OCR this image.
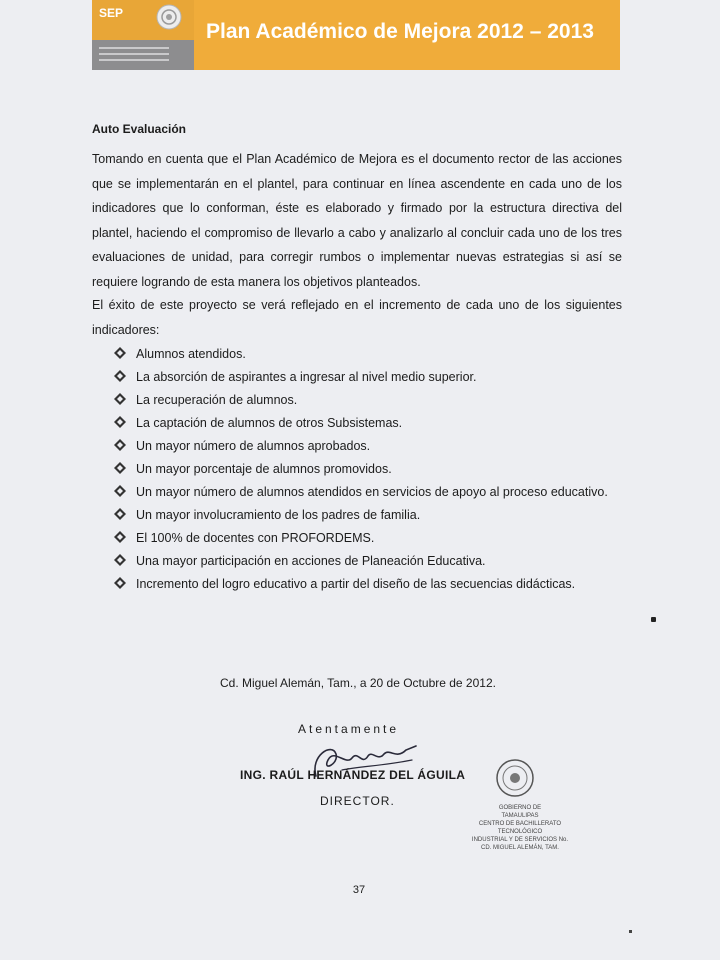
SEP
Plan Académico de Mejora 2012 – 2013
Auto Evaluación

Tomando en cuenta que el Plan Académico de Mejora es el documento rector de las acciones que se implementarán en el plantel, para continuar en línea ascendente en cada uno de los indicadores que lo conforman, éste es elaborado y firmado por la estructura directiva del plantel, haciendo el compromiso de llevarlo a cabo y analizarlo al concluir cada uno de los tres evaluaciones de unidad, para corregir rumbos o implementar nuevas estrategias si así se requiere logrando de esta manera los objetivos planteados.

El éxito de este proyecto se verá reflejado en el incremento de cada uno de los siguientes indicadores:

Alumnos atendidos.
La absorción de aspirantes a ingresar al nivel medio superior.
La recuperación de alumnos.
La captación de alumnos de otros Subsistemas.
Un mayor número de alumnos aprobados.
Un mayor porcentaje de alumnos promovidos.
Un mayor número de alumnos atendidos en servicios de apoyo al proceso educativo.
Un mayor involucramiento de los padres de familia.
El 100% de docentes con PROFORDEMS.
Una mayor participación en acciones de Planeación Educativa.
Incremento del logro educativo a partir del diseño de las secuencias didácticas.
Cd. Miguel Alemán, Tam., a 20 de Octubre de 2012.
Atentamente
ING. RAÚL HERNÁNDEZ DEL ÁGUILA
DIRECTOR.	GOBIERNO DE
TAMAULIPAS
CENTRO DE BACHILLERATO
TECNOLÓGICO
INDUSTRIAL Y DE SERVICIOS No.
CD. MIGUEL ALEMÁN, TAM.
37
